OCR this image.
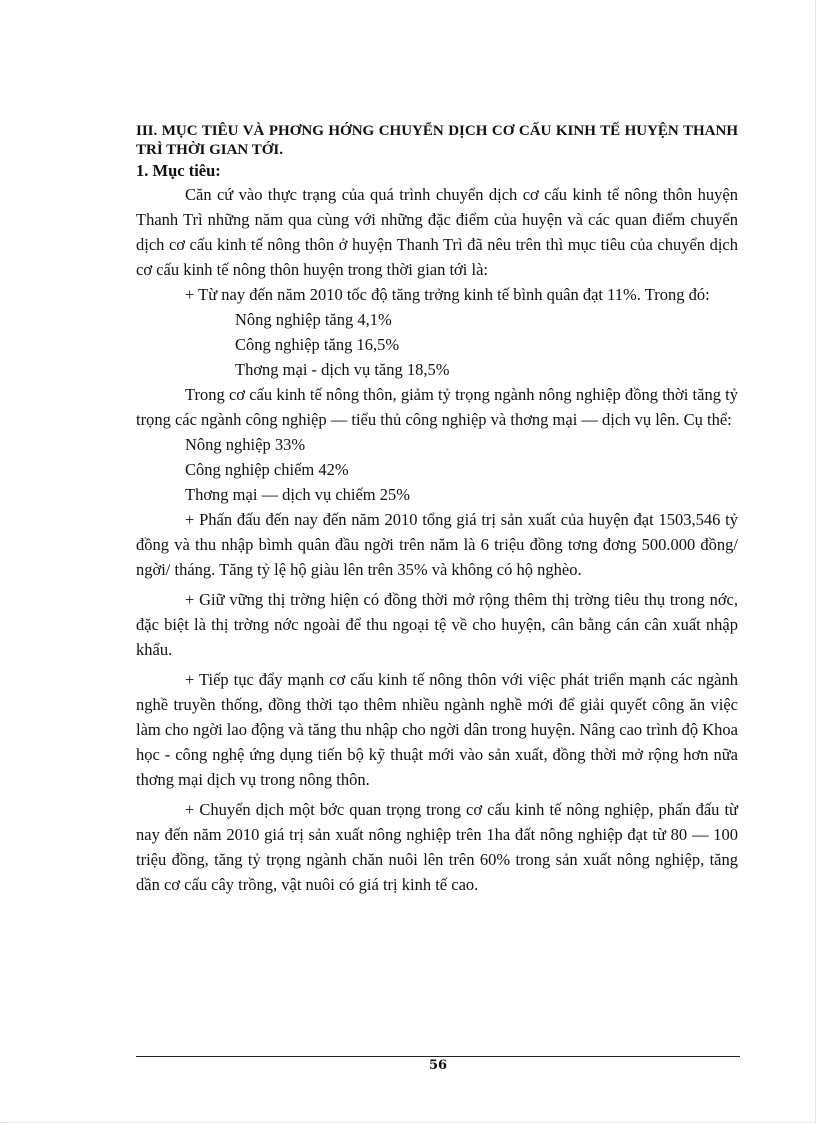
III. MỤC TIÊU VÀ PHƠNG HỚNG CHUYỂN DỊCH CƠ CẤU KINH TẾ HUYỆN THANH TRÌ THỜI GIAN TỚI.
1. Mục tiêu:

Căn cứ vào thực trạng của quá trình chuyển dịch cơ cấu kinh tế nông thôn huyện Thanh Trì những năm qua cùng với những đặc điểm của huyện và các quan điểm chuyển dịch cơ cấu kinh tế nông thôn ở huyện Thanh Trì đã nêu trên thì mục tiêu của chuyển dịch cơ cấu kinh tế nông thôn huyện trong thời gian tới là:

+ Từ nay đến năm 2010 tốc độ tăng trởng kinh tế bình quân đạt 11%. Trong đó:

Nông nghiệp tăng 4,1%

Công nghiệp tăng 16,5%

Thơng mại - dịch vụ tăng 18,5%

Trong cơ cấu kinh tế nông thôn, giảm tỷ trọng ngành nông nghiệp đồng thời tăng tỷ trọng các ngành công nghiệp — tiểu thủ công nghiệp và thơng mại — dịch vụ lên. Cụ thể:

Nông nghiệp 33%

Công nghiệp chiếm 42%

Thơng mại — dịch vụ chiếm 25%

+ Phấn đấu đến nay đến năm 2010 tổng giá trị sản xuất của huyện đạt 1503,546 tỷ đồng và thu nhập bìmh quân đầu ngời trên năm là 6 triệu đồng tơng đơng 500.000 đồng/ ngời/ tháng. Tăng tỷ lệ hộ giàu lên trên 35% và không có hộ nghèo.

+ Giữ vững thị trờng hiện có đồng thời mở rộng thêm thị trờng tiêu thụ trong nớc, đặc biệt là thị trờng nớc ngoài để thu ngoại tệ về cho huyện, cân bằng cán cân xuất nhập khẩu.

+ Tiếp tục đẩy mạnh cơ cấu kinh tế nông thôn với việc phát triển mạnh các ngành nghề truyền thống, đồng thời tạo thêm nhiều ngành nghề mới để giải quyết công ăn việc làm cho ngời lao động và tăng thu nhập cho ngời dân trong huyện. Nâng cao trình độ Khoa học - công nghệ ứng dụng tiến bộ kỹ thuật mới vào sản xuất, đồng thời mở rộng hơn nữa thơng mại dịch vụ trong nông thôn.

+ Chuyển dịch một bớc quan trọng trong cơ cấu kinh tế nông nghiệp, phấn đấu từ nay đến năm 2010 giá trị sản xuất nông nghiệp trên 1ha đất nông nghiệp đạt từ 80 — 100 triệu đồng, tăng tỷ trọng ngành chăn nuôi lên trên 60% trong sản xuất nông nghiệp, tăng dần cơ cấu cây trồng, vật nuôi có giá trị kinh tế cao.

56
